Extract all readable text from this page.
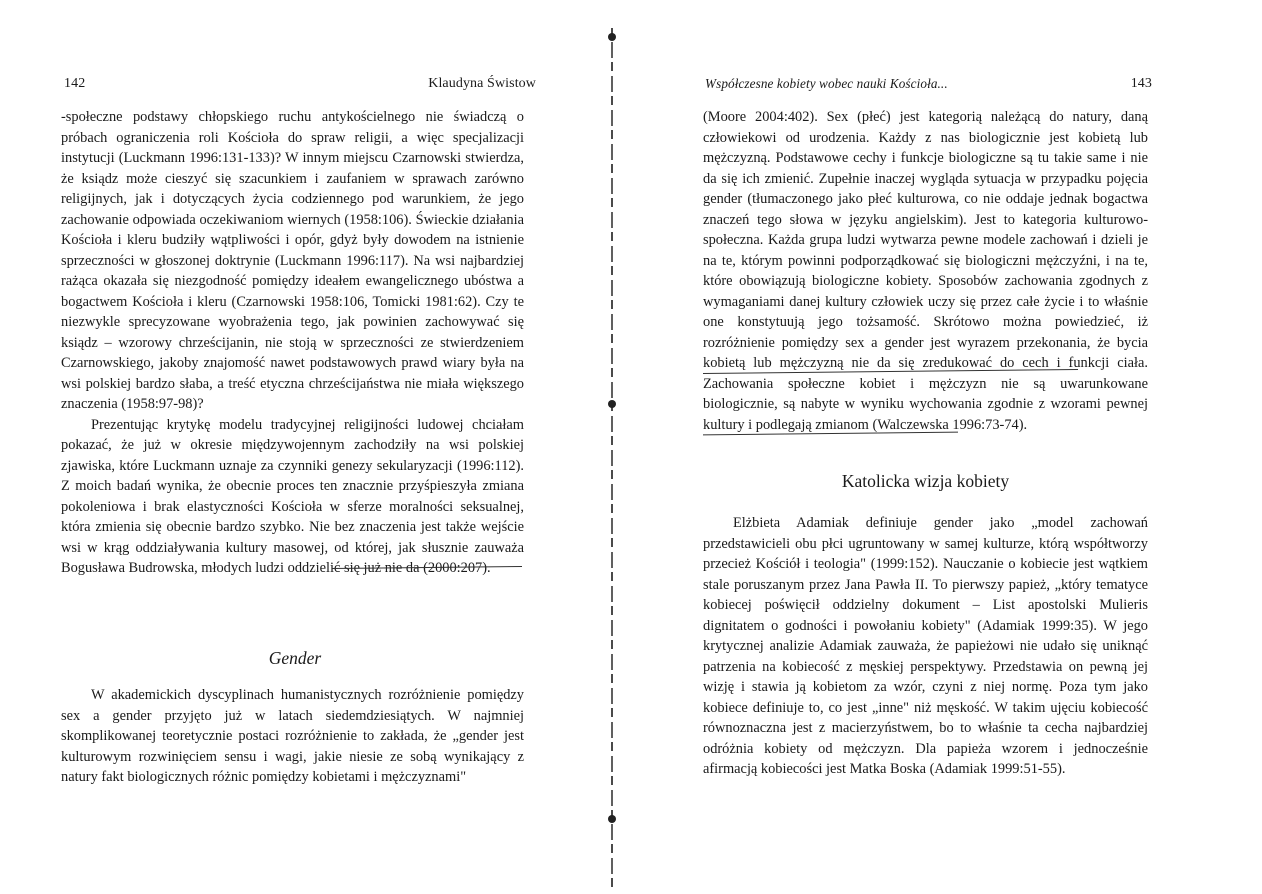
142	Klaudyna Świstow

-społeczne podstawy chłopskiego ruchu antykościelnego nie świadczą o próbach ograniczenia roli Kościoła do spraw religii, a więc specjalizacji instytucji (Luckmann 1996:131-133)? W innym miejscu Czarnowski stwierdza, że ksiądz może cieszyć się szacunkiem i zaufaniem w sprawach zarówno religijnych, jak i dotyczących życia codziennego pod warunkiem, że jego zachowanie odpowiada oczekiwaniom wiernych (1958:106). Świeckie działania Kościoła i kleru budziły wątpliwości i opór, gdyż były dowodem na istnienie sprzeczności w głoszonej doktrynie (Luckmann 1996:117). Na wsi najbardziej rażąca okazała się niezgodność pomiędzy ideałem ewangelicznego ubóstwa a bogactwem Kościoła i kleru (Czarnowski 1958:106, Tomicki 1981:62). Czy te niezwykle sprecyzowane wyobrażenia tego, jak powinien zachowywać się ksiądz – wzorowy chrześcijanin, nie stoją w sprzeczności ze stwierdzeniem Czarnowskiego, jakoby znajomość nawet podstawowych prawd wiary była na wsi polskiej bardzo słaba, a treść etyczna chrześcijaństwa nie miała większego znaczenia (1958:97-98)?

Prezentując krytykę modelu tradycyjnej religijności ludowej chciałam pokazać, że już w okresie międzywojennym zachodziły na wsi polskiej zjawiska, które Luckmann uznaje za czynniki genezy sekularyzacji (1996:112). Z moich badań wynika, że obecnie proces ten znacznie przyśpieszyła zmiana pokoleniowa i brak elastyczności Kościoła w sferze moralności seksualnej, która zmienia się obecnie bardzo szybko. Nie bez znaczenia jest także wejście wsi w krąg oddziaływania kultury masowej, od której, jak słusznie zauważa Bogusława Budrowska, młodych ludzi oddzielić się już nie da (2000:207).

Gender

W akademickich dyscyplinach humanistycznych rozróżnienie pomiędzy sex a gender przyjęto już w latach siedemdziesiątych. W najmniej skomplikowanej teoretycznie postaci rozróżnienie to zakłada, że „gender jest kulturowym rozwinięciem sensu i wagi, jakie niesie ze sobą wynikający z natury fakt biologicznych różnic pomiędzy kobietami i mężczyznami"

Współczesne kobiety wobec nauki Kościoła...	143

(Moore 2004:402). Sex (płeć) jest kategorią należącą do natury, daną człowiekowi od urodzenia. Każdy z nas biologicznie jest kobietą lub mężczyzną. Podstawowe cechy i funkcje biologiczne są tu takie same i nie da się ich zmienić. Zupełnie inaczej wygląda sytuacja w przypadku pojęcia gender (tłumaczonego jako płeć kulturowa, co nie oddaje jednak bogactwa znaczeń tego słowa w języku angielskim). Jest to kategoria kulturowo-społeczna. Każda grupa ludzi wytwarza pewne modele zachowań i dzieli je na te, którym powinni podporządkować się biologiczni mężczyźni, i na te, które obowiązują biologiczne kobiety. Sposobów zachowania zgodnych z wymaganiami danej kultury człowiek uczy się przez całe życie i to właśnie one konstytuują jego tożsamość. Skrótowo można powiedzieć, iż rozróżnienie pomiędzy sex a gender jest wyrazem przekonania, że bycia kobietą lub mężczyzną nie da się zredukować do cech i funkcji ciała. Zachowania społeczne kobiet i mężczyzn nie są uwarunkowane biologicznie, są nabyte w wyniku wychowania zgodnie z wzorami pewnej kultury i podlegają zmianom (Walczewska 1996:73-74).

Katolicka wizja kobiety

Elżbieta Adamiak definiuje gender jako „model zachowań przedstawicieli obu płci ugruntowany w samej kulturze, którą współtworzy przecież Kościół i teologia" (1999:152). Nauczanie o kobiecie jest wątkiem stale poruszanym przez Jana Pawła II. To pierwszy papież, „który tematyce kobiecej poświęcił oddzielny dokument – List apostolski Mulieris dignitatem o godności i powołaniu kobiety" (Adamiak 1999:35). W jego krytycznej analizie Adamiak zauważa, że papieżowi nie udało się uniknąć patrzenia na kobiecość z męskiej perspektywy. Przedstawia on pewną jej wizję i stawia ją kobietom za wzór, czyni z niej normę. Poza tym jako kobiece definiuje to, co jest „inne" niż męskość. W takim ujęciu kobiecość równoznaczna jest z macierzyństwem, bo to właśnie ta cecha najbardziej odróżnia kobiety od mężczyzn. Dla papieża wzorem i jednocześnie afirmacją kobiecości jest Matka Boska (Adamiak 1999:51-55).
